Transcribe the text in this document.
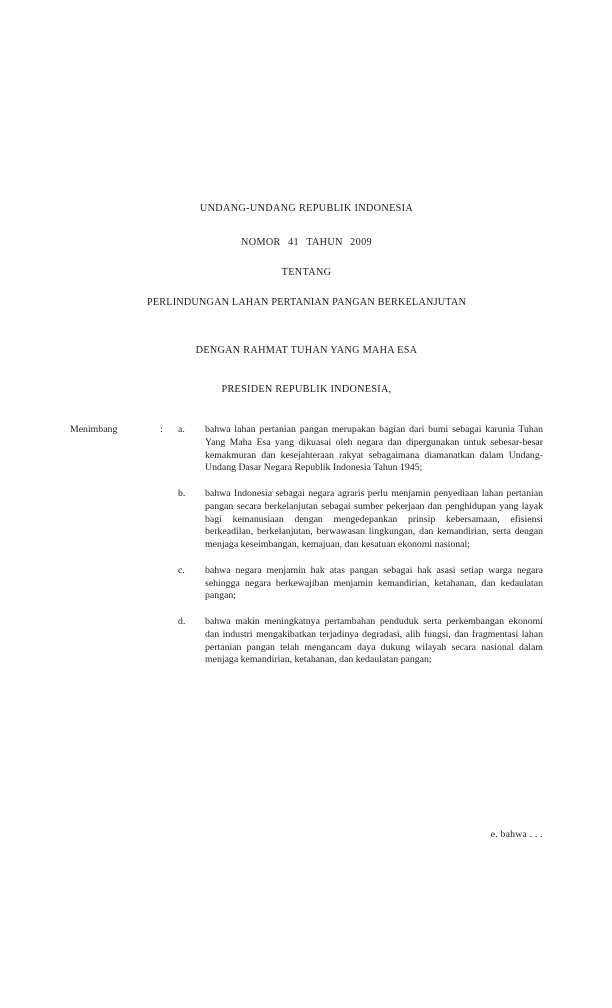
UNDANG-UNDANG REPUBLIK INDONESIA
NOMOR 41 TAHUN 2009
TENTANG
PERLINDUNGAN LAHAN PERTANIAN PANGAN BERKELANJUTAN
DENGAN RAHMAT TUHAN YANG MAHA ESA
PRESIDEN REPUBLIK INDONESIA,
Menimbang	: a. bahwa lahan pertanian pangan merupakan bagian dari bumi sebagai karunia Tuhan Yang Maha Esa yang dikuasai oleh negara dan dipergunakan untuk sebesar-besar kemakmuran dan kesejahteraan rakyat sebagaimana diamanatkan dalam Undang-Undang Dasar Negara Republik Indonesia Tahun 1945;
b. bahwa Indonesia sebagai negara agraris perlu menjamin penyediaan lahan pertanian pangan secara berkelanjutan sebagai sumber pekerjaan dan penghidupan yang layak bagi kemanusiaan dengan mengedepankan prinsip kebersamaan, efisiensi berkeadilan, berkelanjutan, berwawasan lingkungan, dan kemandirian, serta dengan menjaga keseimbangan, kemajuan, dan kesatuan ekonomi nasional;
c. bahwa negara menjamin hak atas pangan sebagai hak asasi setiap warga negara sehingga negara berkewajiban menjamin kemandirian, ketahanan, dan kedaulatan pangan;
d. bahwa makin meningkatnya pertambahan penduduk serta perkembangan ekonomi dan industri mengakibatkan terjadinya degradasi, alih fungsi, dan fragmentasi lahan pertanian pangan telah mengancam daya dukung wilayah secara nasional dalam menjaga kemandirian, ketahanan, dan kedaulatan pangan;
e. bahwa . . .
